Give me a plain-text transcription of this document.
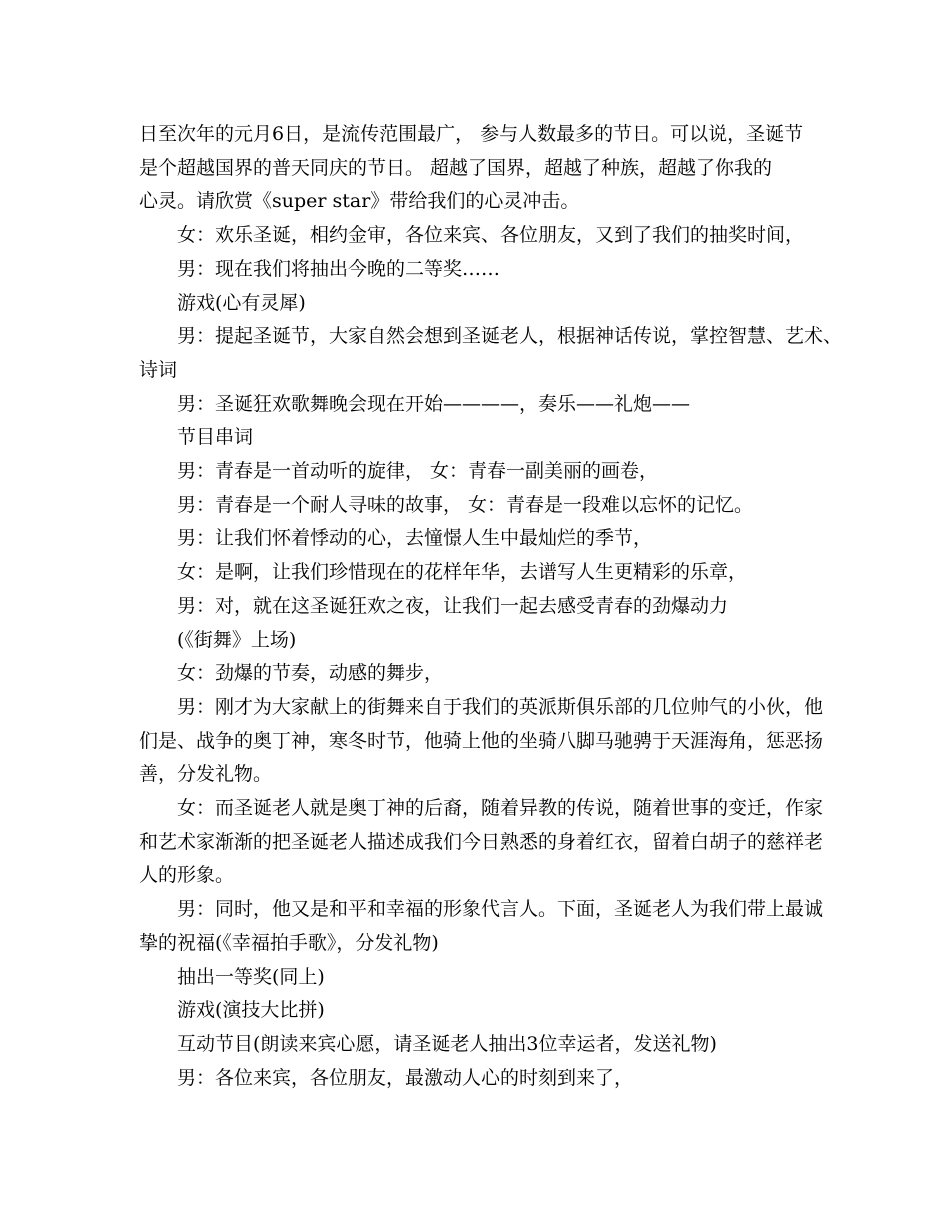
日至次年的元月6日，是流传范围最广， 参与人数最多的节日。可以说，圣诞节
是个超越国界的普天同庆的节日。 超越了国界，超越了种族，超越了你我的
心灵。请欣赏《super star》带给我们的心灵冲击。
女：欢乐圣诞，相约金审，各位来宾、各位朋友，又到了我们的抽奖时间，
男：现在我们将抽出今晚的二等奖……
游戏(心有灵犀)
男：提起圣诞节，大家自然会想到圣诞老人，根据神话传说，掌控智慧、艺术、
诗词
男：圣诞狂欢歌舞晚会现在开始————，奏乐——礼炮——
节目串词
男：青春是一首动听的旋律， 女：青春一副美丽的画卷，
男：青春是一个耐人寻味的故事， 女：青春是一段难以忘怀的记忆。
男：让我们怀着悸动的心，去憧憬人生中最灿烂的季节，
女：是啊，让我们珍惜现在的花样年华，去谱写人生更精彩的乐章，
男：对，就在这圣诞狂欢之夜，让我们一起去感受青春的劲爆动力
(《街舞》上场)
女：劲爆的节奏，动感的舞步，
男：刚才为大家献上的街舞来自于我们的英派斯俱乐部的几位帅气的小伙，他
们是、战争的奥丁神，寒冬时节，他骑上他的坐骑八脚马驰骋于天涯海角，惩恶扬
善，分发礼物。
女：而圣诞老人就是奥丁神的后裔，随着异教的传说，随着世事的变迁，作家
和艺术家渐渐的把圣诞老人描述成我们今日熟悉的身着红衣，留着白胡子的慈祥老
人的形象。
男：同时，他又是和平和幸福的形象代言人。下面，圣诞老人为我们带上最诚
挚的祝福(《幸福拍手歌》，分发礼物)
抽出一等奖(同上)
游戏(演技大比拼)
互动节目(朗读来宾心愿，请圣诞老人抽出3位幸运者，发送礼物)
男：各位来宾，各位朋友，最激动人心的时刻到来了，
